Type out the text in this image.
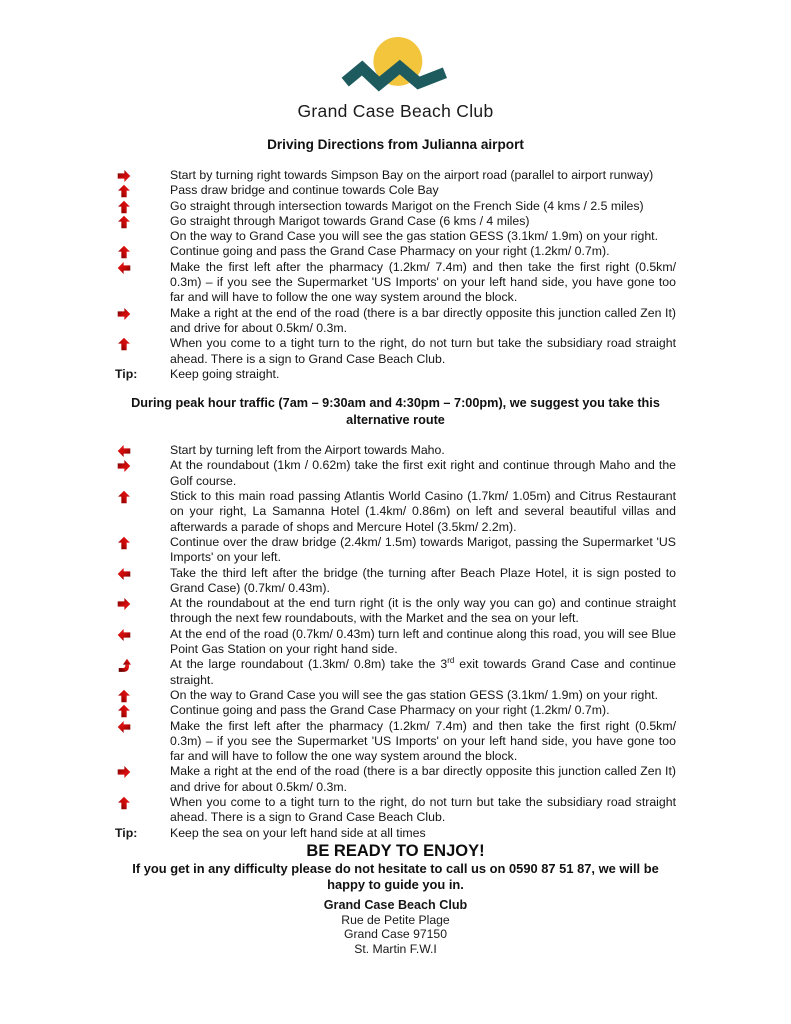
Grand Case Beach Club
Driving Directions from Julianna airport
Start by turning right towards Simpson Bay on the airport road (parallel to airport runway)
Pass draw bridge and continue towards Cole Bay
Go straight through intersection towards Marigot on the French Side (4 kms / 2.5 miles)
Go straight through Marigot towards Grand Case (6 kms / 4 miles)
On the way to Grand Case you will see the gas station GESS (3.1km/ 1.9m) on your right.
Continue going and pass the Grand Case Pharmacy on your right (1.2km/ 0.7m).
Make the first left after the pharmacy (1.2km/ 7.4m) and then take the first right (0.5km/ 0.3m) – if you see the Supermarket 'US Imports' on your left hand side, you have gone too far and will have to follow the one way system around the block.
Make a right at the end of the road (there is a bar directly opposite this junction called Zen It) and drive for about 0.5km/ 0.3m.
When you come to a tight turn to the right, do not turn but take the subsidiary road straight ahead. There is a sign to Grand Case Beach Club.
Tip:	Keep going straight.
During peak hour traffic (7am – 9:30am and 4:30pm – 7:00pm), we suggest you take this
alternative route
Start by turning left from the Airport towards Maho.
At the roundabout (1km / 0.62m) take the first exit right and continue through Maho and the Golf course.
Stick to this main road passing Atlantis World Casino (1.7km/ 1.05m) and Citrus Restaurant on your right, La Samanna Hotel (1.4km/ 0.86m) on left and several beautiful villas and afterwards a parade of shops and Mercure Hotel (3.5km/ 2.2m).
Continue over the draw bridge (2.4km/ 1.5m) towards Marigot, passing the Supermarket 'US Imports' on your left.
Take the third left after the bridge (the turning after Beach Plaze Hotel, it is sign posted to Grand Case) (0.7km/ 0.43m).
At the roundabout at the end turn right (it is the only way you can go) and continue straight through the next few roundabouts, with the Market and the sea on your left.
At the end of the road (0.7km/ 0.43m) turn left and continue along this road, you will see Blue Point Gas Station on your right hand side.
At the large roundabout (1.3km/ 0.8m) take the 3rd exit towards Grand Case and continue straight.
On the way to Grand Case you will see the gas station GESS (3.1km/ 1.9m) on your right.
Continue going and pass the Grand Case Pharmacy on your right (1.2km/ 0.7m).
Make the first left after the pharmacy (1.2km/ 7.4m) and then take the first right (0.5km/ 0.3m) – if you see the Supermarket 'US Imports' on your left hand side, you have gone too far and will have to follow the one way system around the block.
Make a right at the end of the road (there is a bar directly opposite this junction called Zen It) and drive for about 0.5km/ 0.3m.
When you come to a tight turn to the right, do not turn but take the subsidiary road straight ahead. There is a sign to Grand Case Beach Club.
Tip:	Keep the sea on your left hand side at all times
BE READY TO ENJOY!
If you get in any difficulty please do not hesitate to call us on 0590 87 51 87, we will be
happy to guide you in.
Grand Case Beach Club
Rue de Petite Plage
Grand Case 97150
St. Martin F.W.I
